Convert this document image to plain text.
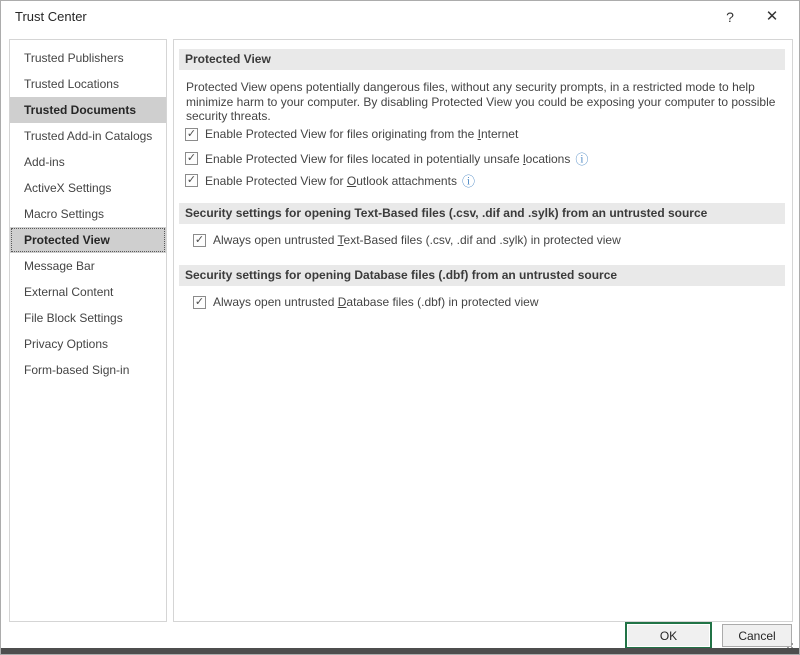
Trust Center	?	✕
Trusted Publishers
Trusted Locations
Trusted Documents
Trusted Add-in Catalogs
Add-ins
ActiveX Settings
Macro Settings
Protected View
Message Bar
External Content
File Block Settings
Privacy Options
Form-based Sign-in
Protected View
Protected View opens potentially dangerous files, without any security prompts, in a restricted mode to help minimize harm to your computer. By disabling Protected View you could be exposing your computer to possible security threats.
✓ Enable Protected View for files originating from the Internet
✓ Enable Protected View for files located in potentially unsafe locations ⓘ
✓ Enable Protected View for Outlook attachments ⓘ
Security settings for opening Text-Based files (.csv, .dif and .sylk) from an untrusted source
✓ Always open untrusted Text-Based files (.csv, .dif and .sylk) in protected view
Security settings for opening Database files (.dbf) from an untrusted source
✓ Always open untrusted Database files (.dbf) in protected view
OK	Cancel
